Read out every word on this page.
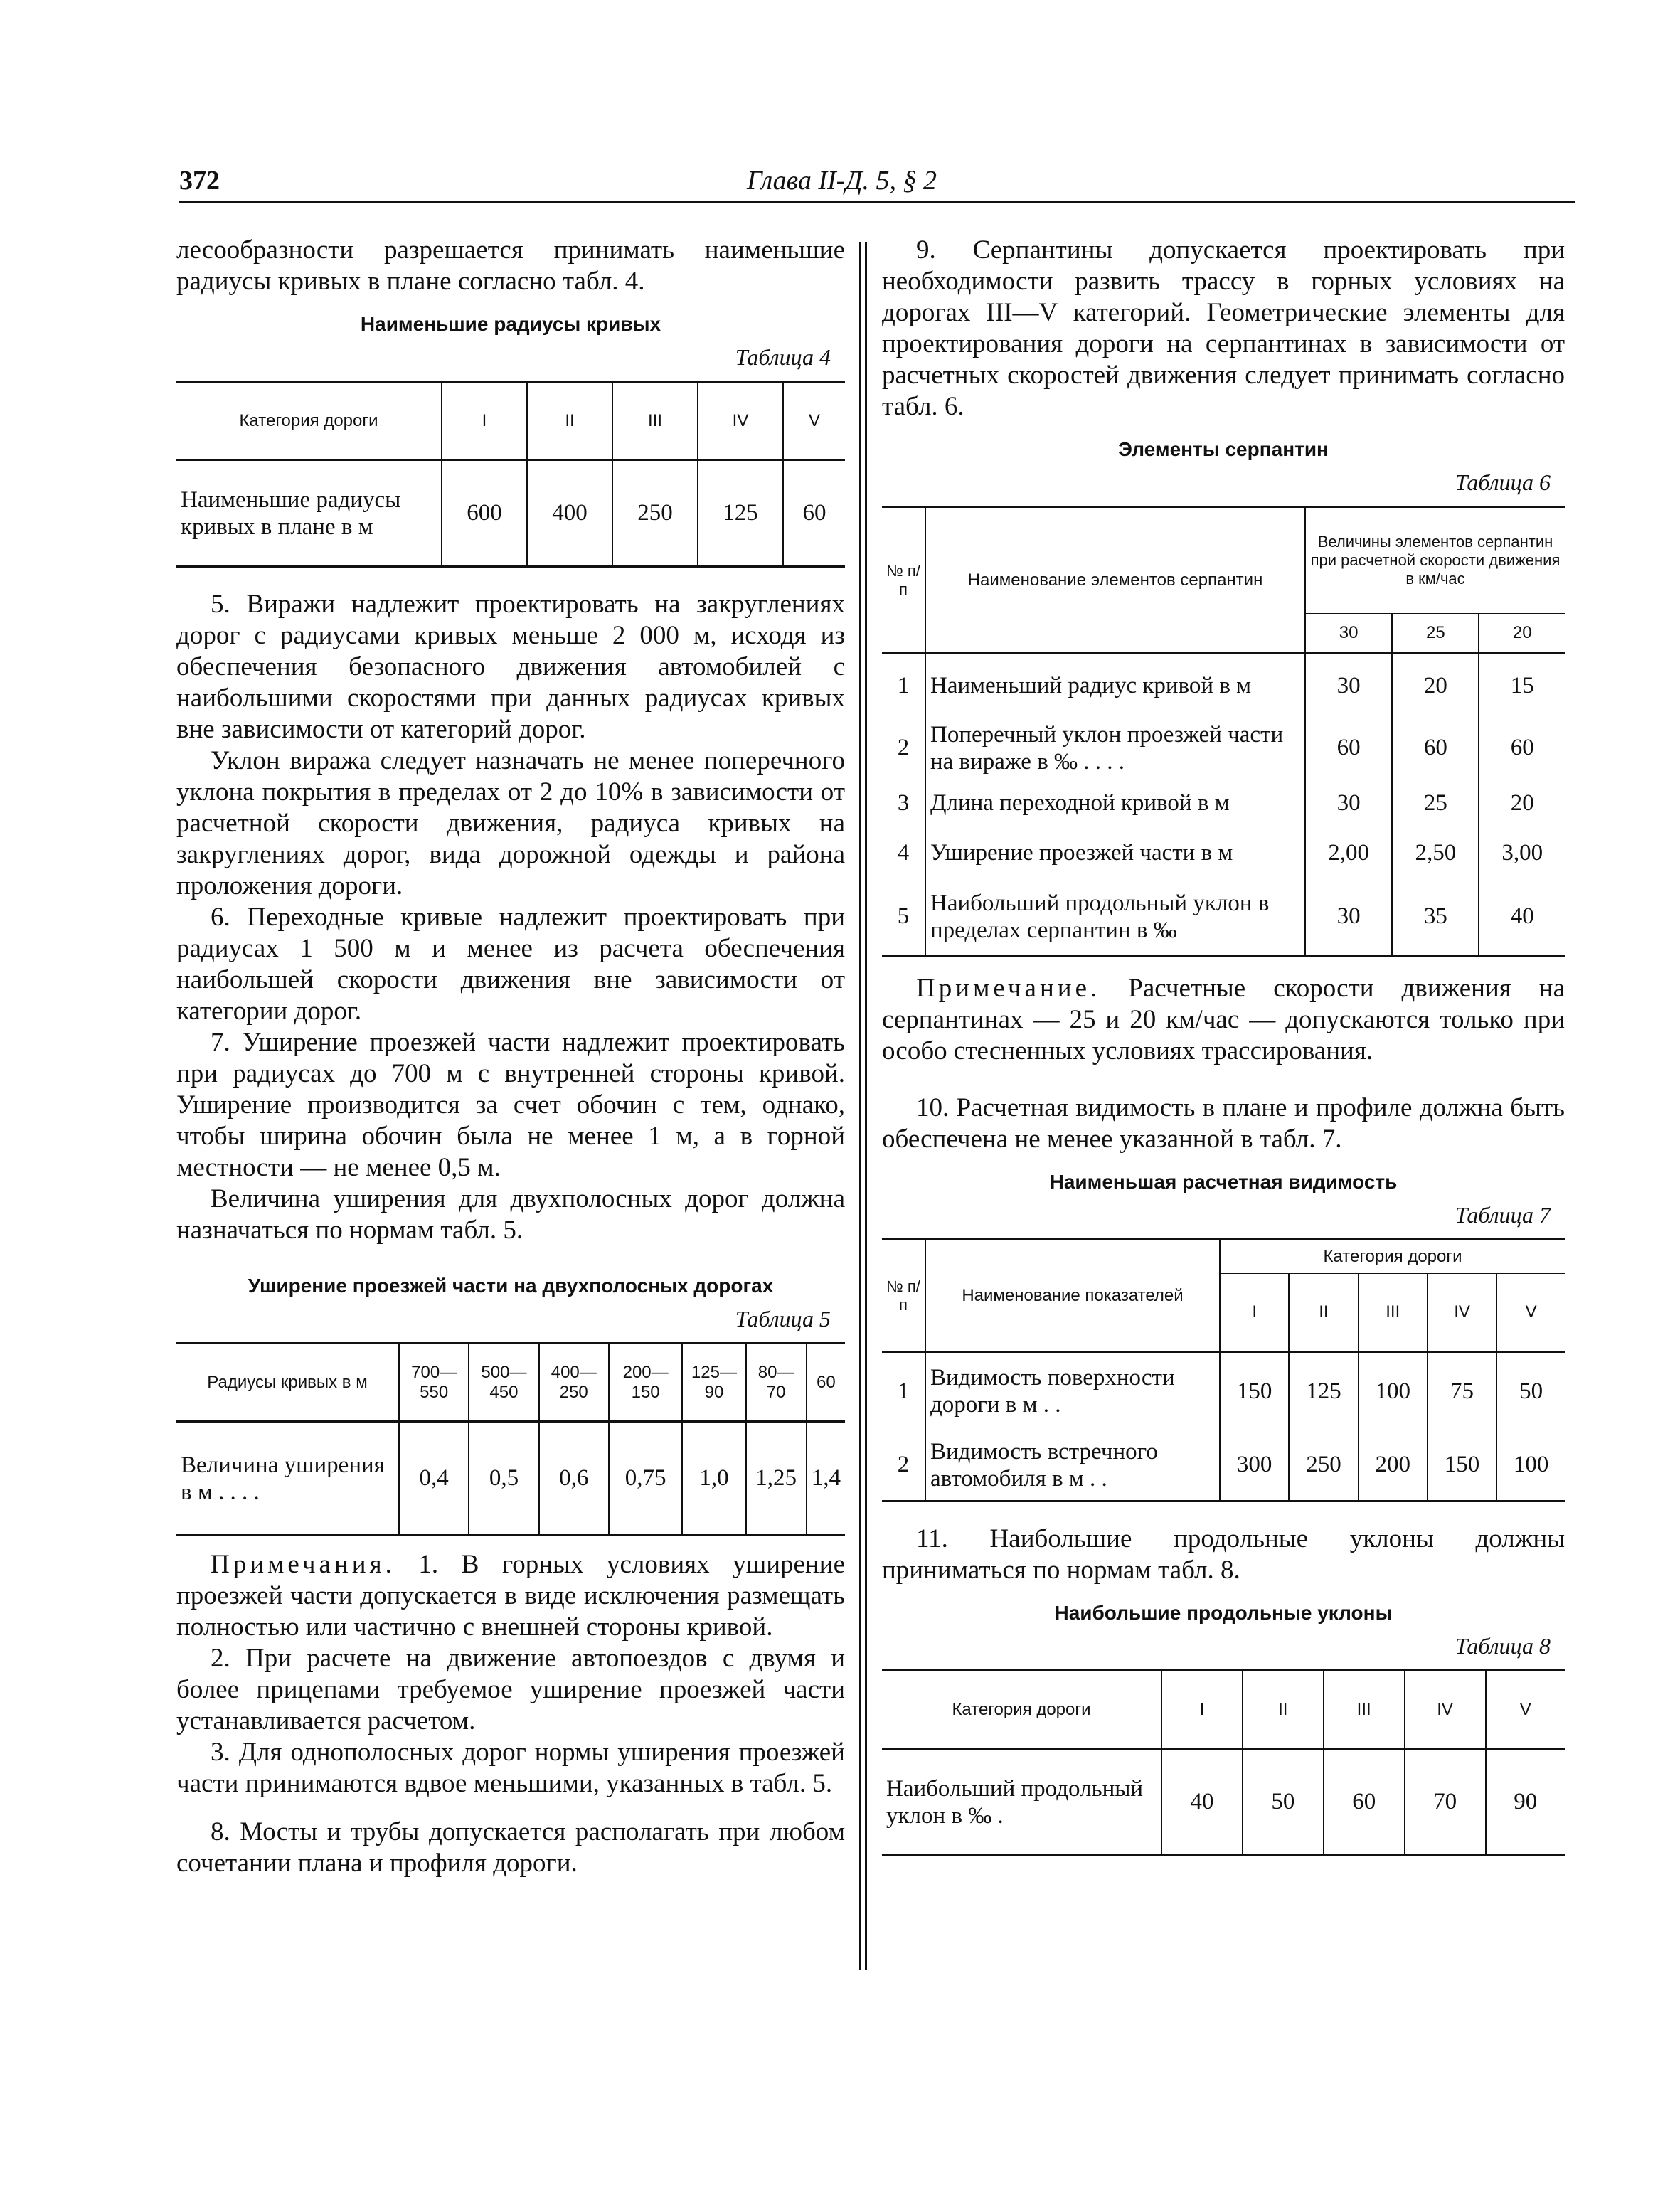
372	Глава II-Д. 5, § 2

лесообразности разрешается принимать наименьшие радиусы кривых в плане согласно табл. 4.

Наименьшие радиусы кривых
Таблица 4
Категория дороги	I	II	III	IV	V
Наименьшие радиусы кривых в плане в м	600	400	250	125	60

5. Виражи надлежит проектировать на закруглениях дорог с радиусами кривых меньше 2 000 м, исходя из обеспечения безопасного движения автомобилей с наибольшими скоростями при данных радиусах кривых вне зависимости от категорий дорог.

Уклон виража следует назначать не менее поперечного уклона покрытия в пределах от 2 до 10% в зависимости от расчетной скорости движения, радиуса кривых на закруглениях дорог, вида дорожной одежды и района проложения дороги.

6. Переходные кривые надлежит проектировать при радиусах 1 500 м и менее из расчета обеспечения наибольшей скорости движения вне зависимости от категории дорог.

7. Уширение проезжей части надлежит проектировать при радиусах до 700 м с внутренней стороны кривой. Уширение производится за счет обочин с тем, однако, чтобы ширина обочин была не менее 1 м, а в горной местности — не менее 0,5 м.

Величина уширения для двухполосных дорог должна назначаться по нормам табл. 5.

Уширение проезжей части на двухполосных дорогах
Таблица 5
Радиусы кривых в м	700—550	500—450	400—250	200—150	125—90	80—70	60
Величина уширения в м . . . .	0,4	0,5	0,6	0,75	1,0	1,25	1,4

Примечания. 1. В горных условиях уширение проезжей части допускается в виде исключения размещать полностью или частично с внешней стороны кривой.

2. При расчете на движение автопоездов с двумя и более прицепами требуемое уширение проезжей части устанавливается расчетом.

3. Для однополосных дорог нормы уширения проезжей части принимаются вдвое меньшими, указанных в табл. 5.

8. Мосты и трубы допускается располагать при любом сочетании плана и профиля дороги.

9. Серпантины допускается проектировать при необходимости развить трассу в горных условиях на дорогах III—V категорий. Геометрические элементы для проектирования дороги на серпантинах в зависимости от расчетных скоростей движения следует принимать согласно табл. 6.

Элементы серпантин
Таблица 6
№ п/п	Наименование элементов серпантин	Величины элементов серпантин при расчетной скорости движения в км/час		
		30	25	20
1	Наименьший радиус кривой в м	30	20	15
2	Поперечный уклон проезжей части на вираже в ‰ . . . .	60	60	60
3	Длина переходной кривой в м	30	25	20
4	Уширение проезжей части в м	2,00	2,50	3,00
5	Наибольший продольный уклон в пределах серпантин в ‰	30	35	40

Примечание. Расчетные скорости движения на серпантинах — 25 и 20 км/час — допускаются только при особо стесненных условиях трассирования.

10. Расчетная видимость в плане и профиле должна быть обеспечена не менее указанной в табл. 7.

Наименьшая расчетная видимость
Таблица 7
№ п/п	Наименование показателей	Категория дороги				
		I	II	III	IV	V
1	Видимость поверхности дороги в м . .	150	125	100	75	50
2	Видимость встречного автомобиля в м . .	300	250	200	150	100

11. Наибольшие продольные уклоны должны приниматься по нормам табл. 8.

Наибольшие продольные уклоны
Таблица 8
Категория дороги	I	II	III	IV	V
Наибольший продольный уклон в ‰ .	40	50	60	70	90
